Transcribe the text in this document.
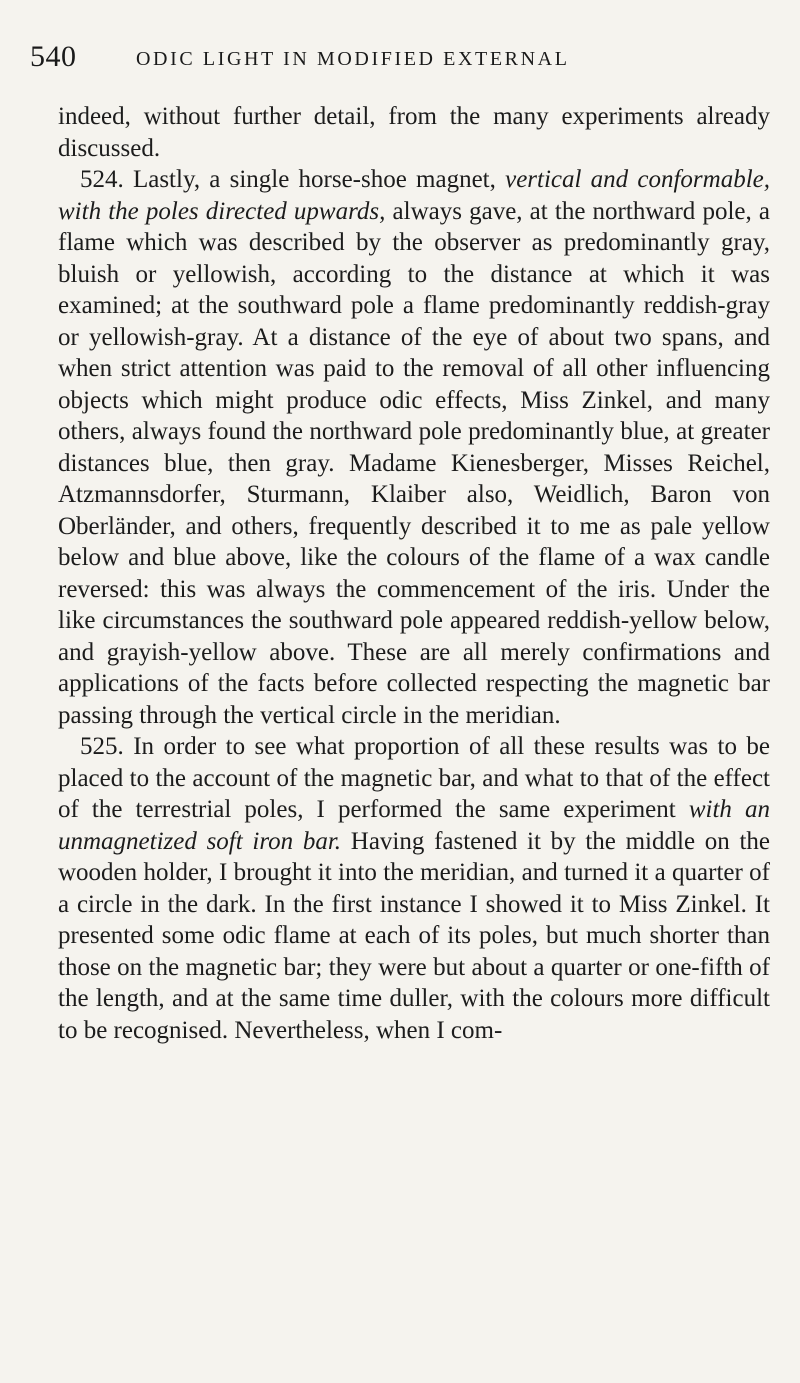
540	ODIC LIGHT IN MODIFIED EXTERNAL

indeed, without further detail, from the many experiments already discussed.

524. Lastly, a single horse-shoe magnet, vertical and conformable, with the poles directed upwards, always gave, at the northward pole, a flame which was described by the observer as predominantly gray, bluish or yellowish, according to the distance at which it was examined; at the southward pole a flame predominantly reddish-gray or yellowish-gray. At a distance of the eye of about two spans, and when strict attention was paid to the removal of all other influencing objects which might produce odic effects, Miss Zinkel, and many others, always found the northward pole predominantly blue, at greater distances blue, then gray. Madame Kienesberger, Misses Reichel, Atzmannsdorfer, Sturmann, Klaiber also, Weidlich, Baron von Oberländer, and others, frequently described it to me as pale yellow below and blue above, like the colours of the flame of a wax candle reversed: this was always the commencement of the iris. Under the like circumstances the southward pole appeared reddish-yellow below, and grayish-yellow above. These are all merely confirmations and applications of the facts before collected respecting the magnetic bar passing through the vertical circle in the meridian.

525. In order to see what proportion of all these results was to be placed to the account of the magnetic bar, and what to that of the effect of the terrestrial poles, I performed the same experiment with an unmagnetized soft iron bar. Having fastened it by the middle on the wooden holder, I brought it into the meridian, and turned it a quarter of a circle in the dark. In the first instance I showed it to Miss Zinkel. It presented some odic flame at each of its poles, but much shorter than those on the magnetic bar; they were but about a quarter or one-fifth of the length, and at the same time duller, with the colours more difficult to be recognised. Nevertheless, when I com-
